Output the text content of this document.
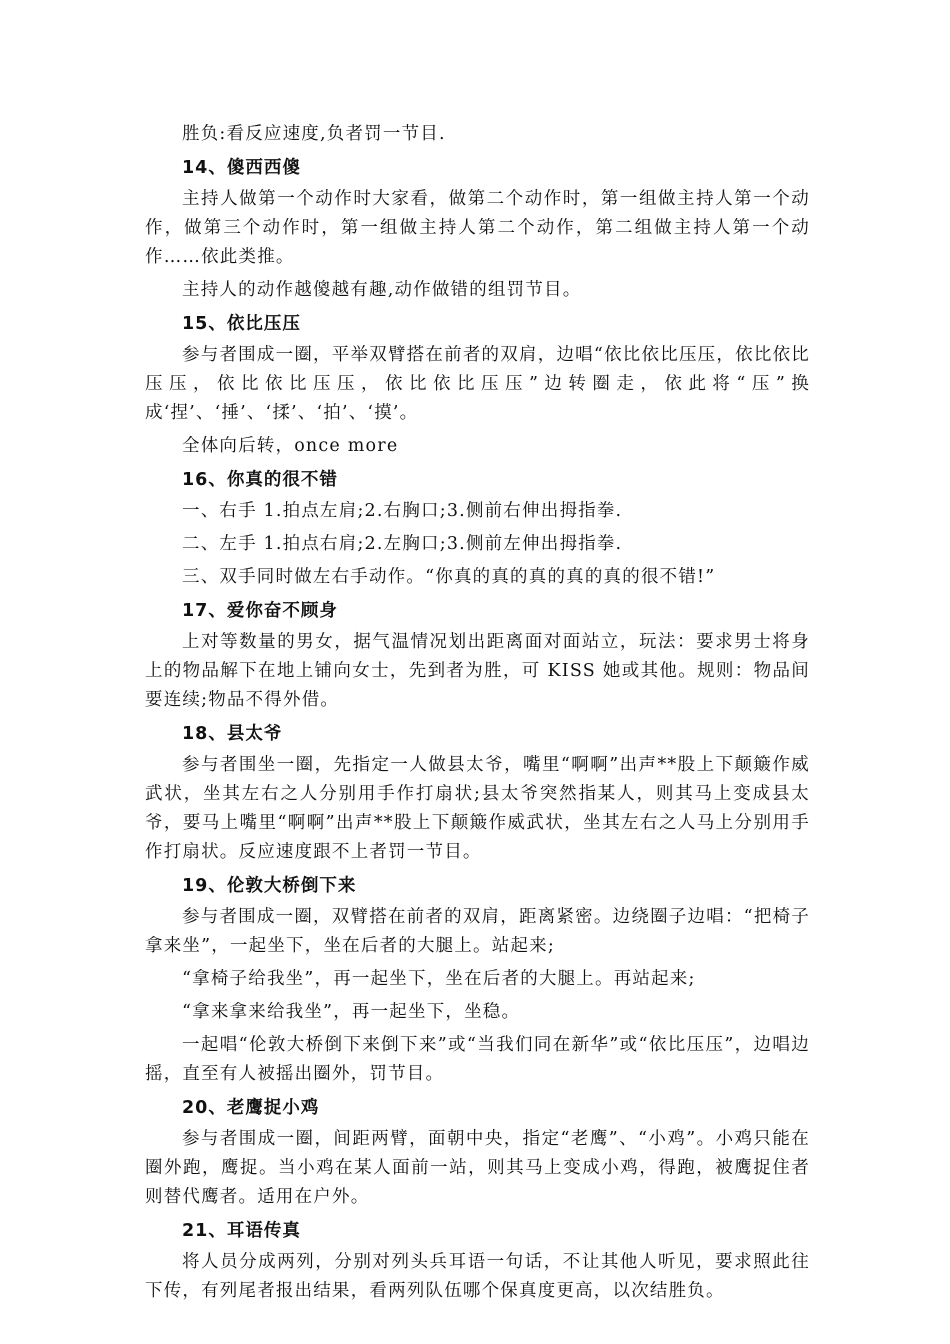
胜负:看反应速度,负者罚一节目.

14、傻西西傻

主持人做第一个动作时大家看，做第二个动作时，第一组做主持人第一个动作，做第三个动作时，第一组做主持人第二个动作，第二组做主持人第一个动作……依此类推。

主持人的动作越傻越有趣,动作做错的组罚节目。

15、依比压压

参与者围成一圈，平举双臂搭在前者的双肩，边唱“依比依比压压，依比依比压压，依比依比压压，依比依比压压”边转圈走，依此将“压”换成‘捏’、‘捶’、‘揉’、‘拍’、‘摸’。

全体向后转，once more

16、你真的很不错

一、右手 1.拍点左肩;2.右胸口;3.侧前右伸出拇指拳.

二、左手 1.拍点右肩;2.左胸口;3.侧前左伸出拇指拳.

三、双手同时做左右手动作。“你真的真的真的真的真的很不错!”

17、爱你奋不顾身

上对等数量的男女，据气温情况划出距离面对面站立，玩法：要求男士将身上的物品解下在地上铺向女士，先到者为胜，可 KISS 她或其他。规则：物品间要连续;物品不得外借。

18、县太爷

参与者围坐一圈，先指定一人做县太爷，嘴里“啊啊”出声**股上下颠簸作威武状，坐其左右之人分别用手作打扇状;县太爷突然指某人，则其马上变成县太爷，要马上嘴里“啊啊”出声**股上下颠簸作威武状，坐其左右之人马上分别用手作打扇状。反应速度跟不上者罚一节目。

19、伦敦大桥倒下来

参与者围成一圈，双臂搭在前者的双肩，距离紧密。边绕圈子边唱：“把椅子拿来坐”，一起坐下，坐在后者的大腿上。站起来;

“拿椅子给我坐”，再一起坐下，坐在后者的大腿上。再站起来;

“拿来拿来给我坐”，再一起坐下，坐稳。

一起唱“伦敦大桥倒下来倒下来”或“当我们同在新华”或“依比压压”，边唱边摇，直至有人被摇出圈外，罚节目。

20、老鹰捉小鸡

参与者围成一圈，间距两臂，面朝中央，指定“老鹰”、“小鸡”。小鸡只能在圈外跑，鹰捉。当小鸡在某人面前一站，则其马上变成小鸡，得跑，被鹰捉住者则替代鹰者。适用在户外。

21、耳语传真

将人员分成两列，分别对列头兵耳语一句话，不让其他人听见，要求照此往下传，有列尾者报出结果，看两列队伍哪个保真度更高，以次结胜负。
